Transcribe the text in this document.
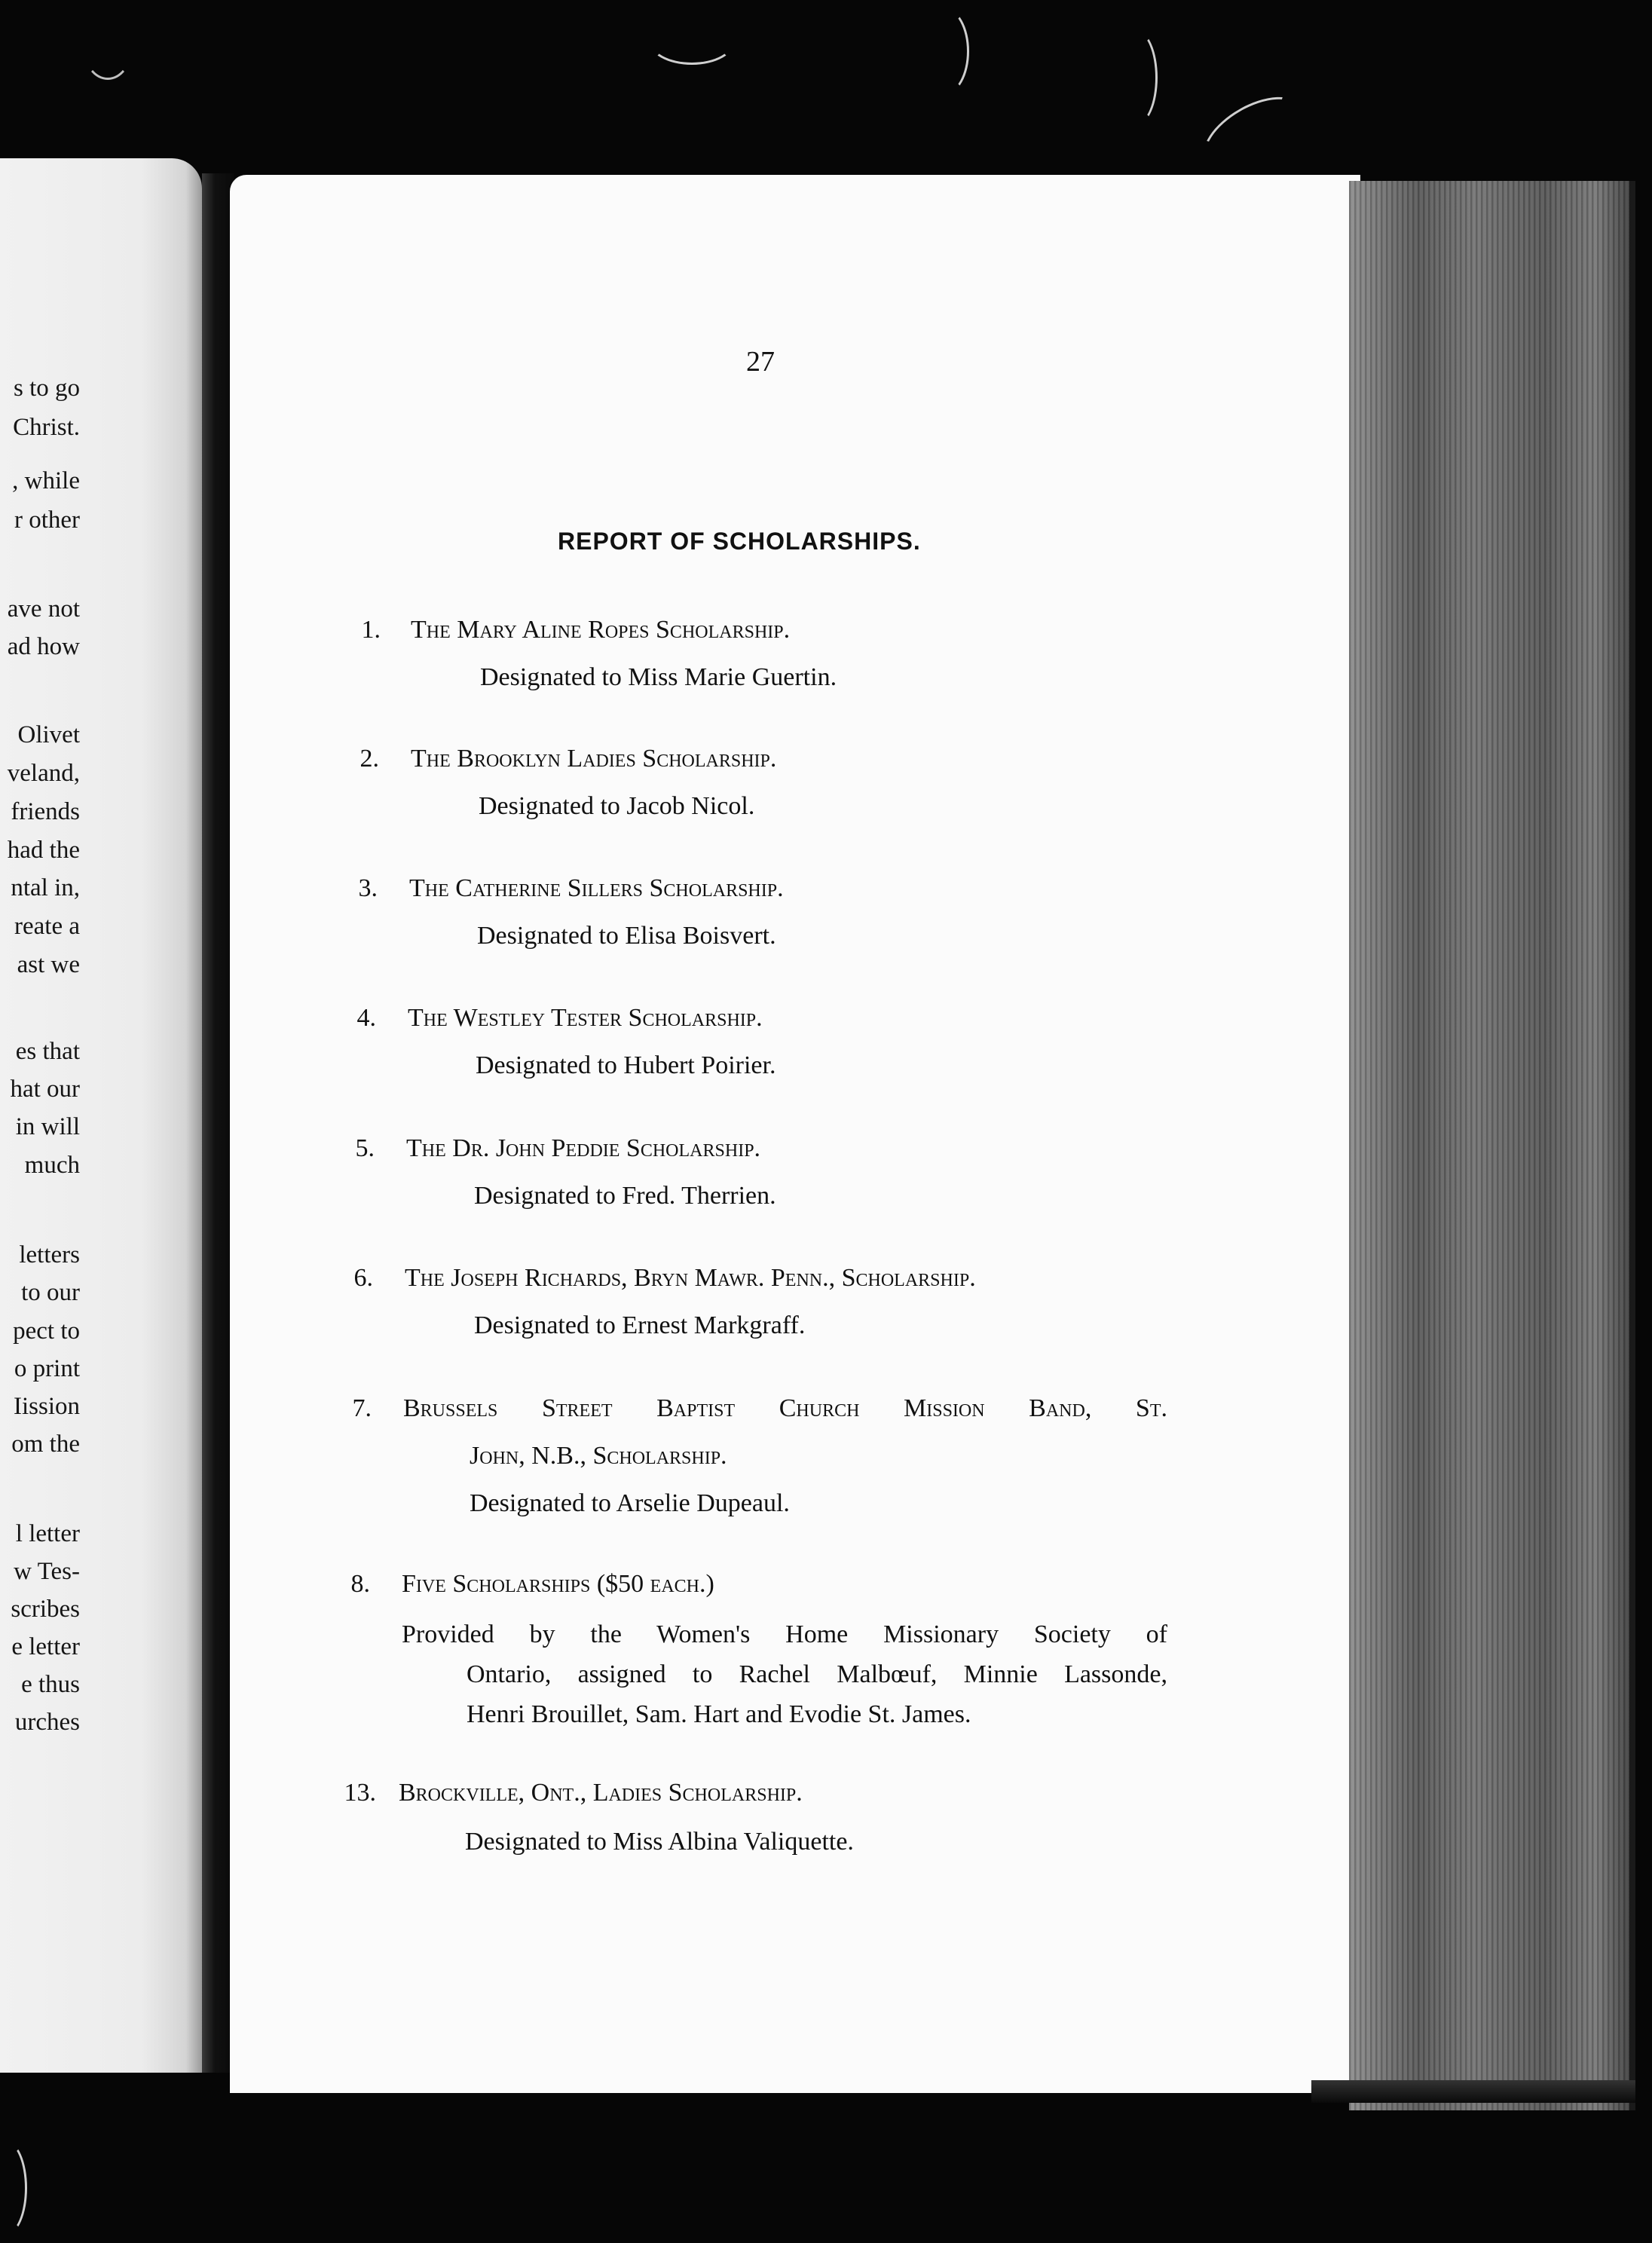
s to go
Christ.
, while
r other
ave not
ad how
Olivet
veland,
friends
had the
ntal in,
reate a
ast we
es that
hat our
in will
much
letters
to our
pect to
o print
Iission
om the
l letter
w Tes-
scribes
e letter
e thus
urches
27
REPORT OF SCHOLARSHIPS.
1. The Mary Aline Ropes Scholarship.
Designated to Miss Marie Guertin.
2. The Brooklyn Ladies Scholarship.
Designated to Jacob Nicol.
3. The Catherine Sillers Scholarship.
Designated to Elisa Boisvert.
4. The Westley Tester Scholarship.
Designated to Hubert Poirier.
5. The Dr. John Peddie Scholarship.
Designated to Fred. Therrien.
6. The Joseph Richards, Bryn Mawr. Penn., Scholarship.
Designated to Ernest Markgraff.
7. Brussels Street Baptist Church Mission Band, St.
John, N.B., Scholarship.
Designated to Arselie Dupeaul.
8. Five Scholarships ($50 each.)
Provided by the Women's Home Missionary Society of
Ontario, assigned to Rachel Malbœuf, Minnie Lassonde,
Henri Brouillet, Sam. Hart and Evodie St. James.
13. Brockville, Ont., Ladies Scholarship.
Designated to Miss Albina Valiquette.
